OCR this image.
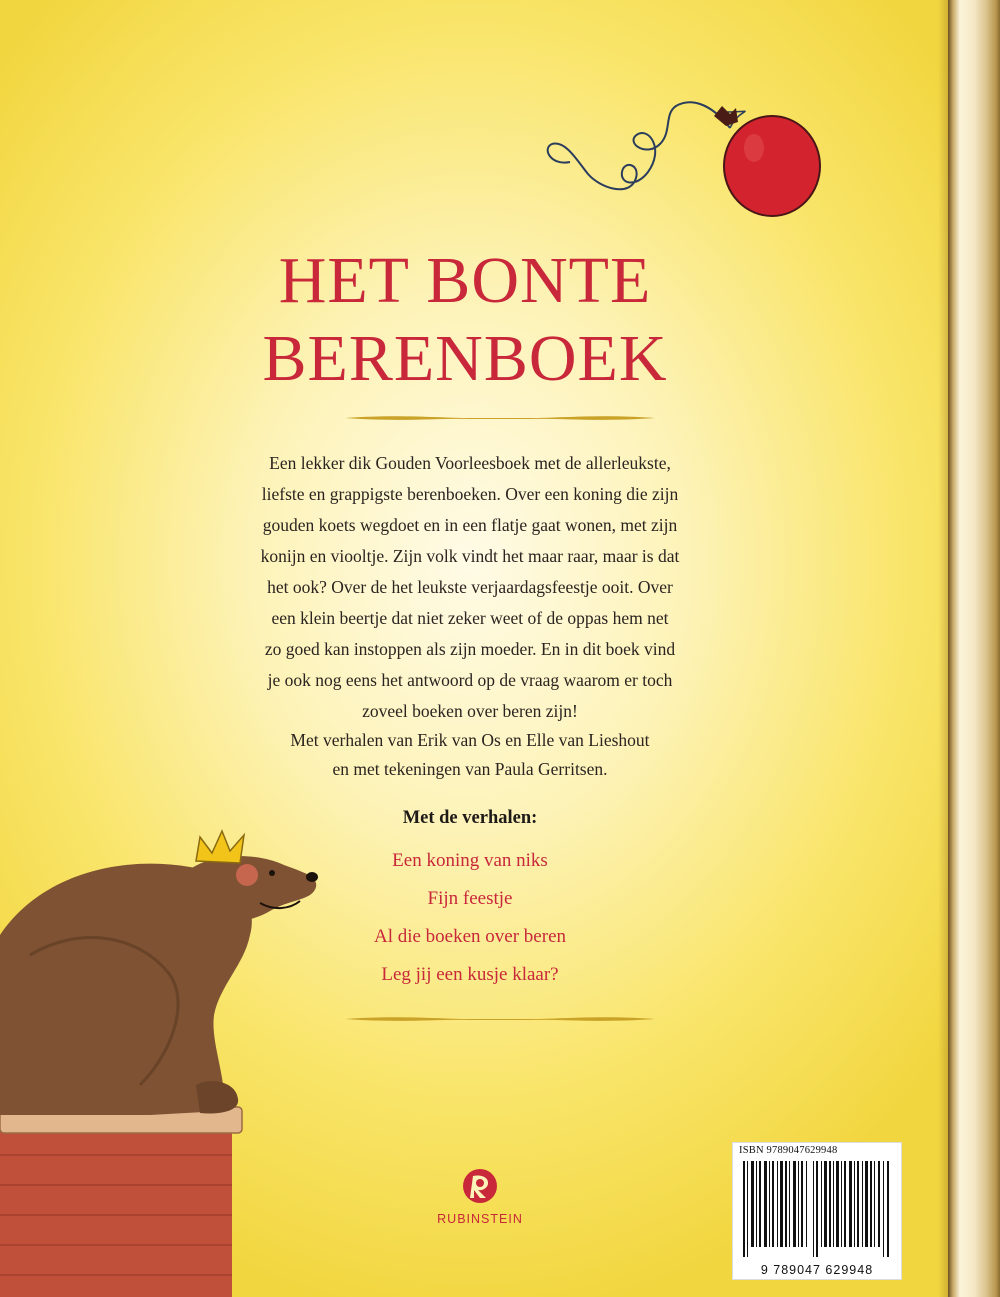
HET BONTE
BERENBOEK

Een lekker dik Gouden Voorleesboek met de allerleukste,
liefste en grappigste berenboeken. Over een koning die zijn
gouden koets wegdoet en in een flatje gaat wonen, met zijn
konijn en viooltje. Zijn volk vindt het maar raar, maar is dat
het ook? Over de het leukste verjaardagsfeestje ooit. Over
een klein beertje dat niet zeker weet of de oppas hem net
zo goed kan instoppen als zijn moeder. En in dit boek vind
je ook nog eens het antwoord op de vraag waarom er toch
zoveel boeken over beren zijn!

Met verhalen van Erik van Os en Elle van Lieshout
en met tekeningen van Paula Gerritsen.

Met de verhalen:
Een koning van niks
Fijn feestje
Al die boeken over beren
Leg jij een kusje klaar?
RUBINSTEIN
ISBN 9789047629948
9 789047 629948
